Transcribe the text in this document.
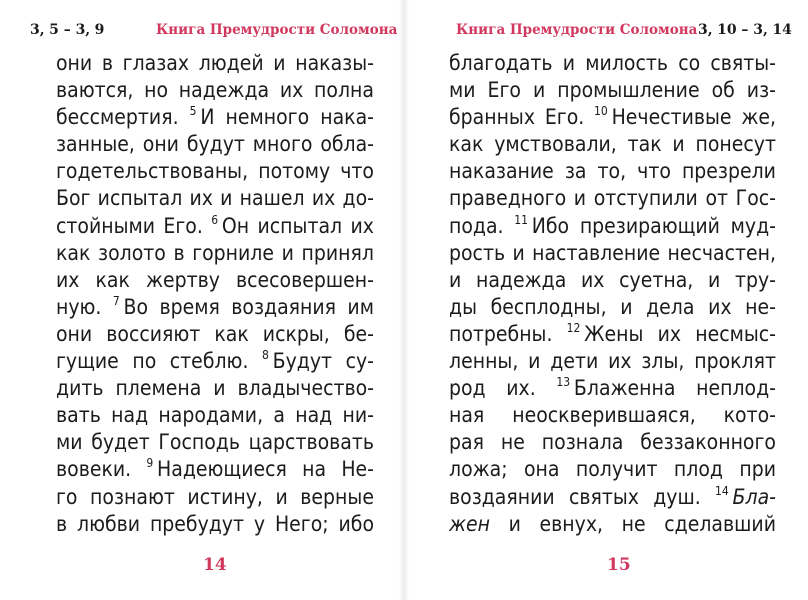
3, 5 – 3, 9	Книга Премудрости Соломона
они в глазах людей и наказы-
ваются, но надежда их полна
бессмертия. $^5$  И немного нака-
занные, они будут много обла-
годетельствованы, потому что
Бог испытал их и нашел их до-
стойными Его. $^6$  Он испытал их
как золото в горниле и принял
их как жертву всесовершен-
ную. $^7$  Во время воздаяния им
они воссияют как искры, бе-
гущие по стеблю. $^8$  Будут су-
дить племена и владычество-
вать над народами, а над ни-
ми будет Господь царствовать
вовеки. $^9$  Надеющиеся на Не-
го познают истину, и верные
в любви пребудут у Него; ибо
14
Книга Премудрости Соломона 3, 10 – 3, 14
благодать и милость со святы-
ми Его и промышление об из-
бранных Его. $^{10}$  Нечестивые же,
как умствовали, так и понесут
наказание за то, что презрели
праведного и отступили от Гос-
пода. $^{11}$  Ибо презирающий муд-
рость и наставление несчастен,
и надежда их суетна, и тру-
ды бесплодны, и дела их не-
потребны. $^{12}$  Жены их несмыс-
ленны, и дети их злы, проклят
род их. $^{13}$  Блаженна неплод-
ная неоскверившаяся, кото-
рая не познала беззаконного
ложа; она получит плод при
воздаянии святых душ. $^{14}$  Бла-
жен и евнух, не сделавший
15
